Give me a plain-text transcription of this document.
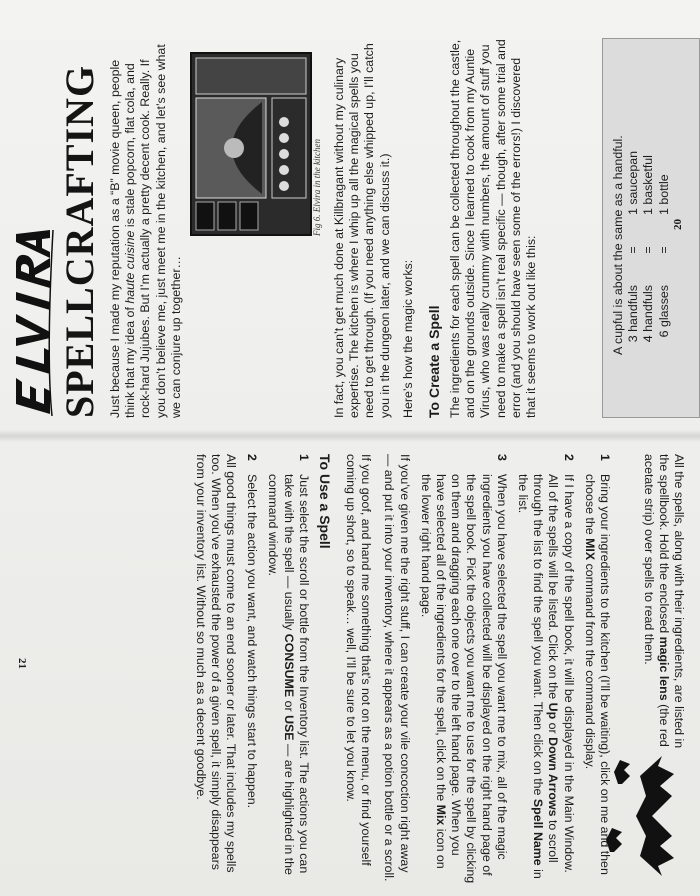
SPELLCRAFTING Just because I made my reputation as a “B” movie queen, people think that my idea of haute cuisine is stale popcorn, flat cola, and rock-hard Jujubes. But I’m actually a pretty decent cook. Really. If you don’t believe me, just meet me in the kitchen, and let’s see what we can conjure up together…

Fig 6. Elvira in the kitchen In fact, you can’t get much done at Killbragant without my culinary expertise. The kitchen is where I whip up all the magical spells you need to get through. (If you need anything else whipped up, I’ll catch you in the dungeon later, and we can discuss it.) Here’s how the magic works: To Create a Spell The ingredients for each spell can be collected throughout the castle, and on the grounds outside. Since I learned to cook from my Auntie Virus, who was really crummy with numbers, the amount of stuff you need to make a spell isn’t real specific — though, after some trial and error (and you should have seen some of the errors!) I discovered that it seems to work out like this:	A cupful is about the same as a handful. 3 handfuls
=
1 saucepan
4 handfuls
=
1 basketful
6 glasses
=
1 bottle
20

All the spells, along with their ingredients, are listed in the spellbook. Hold the enclosed magic lens (the red acetate strip) over spells to read them.

1
Bring your ingredients to the kitchen (I’ll be waiting), click on me and then choose the MIX command from the command display.
2
If I have a copy of the spell book, it will be displayed in the Main Window. All of the spells will be listed. Click on the Up or Down Arrows to scroll through the list to find the spell you want. Then click on the Spell Name in the list.
3
When you have selected the spell you want me to mix, all of the magic ingredients you have collected will be displayed on the right hand page of the spell book. Pick the objects you want me to use for the spell by clicking on them and dragging each one over to the left hand page. When you have selected all of the ingredients for the spell, click on the Mix icon on the lower right hand page.

If you’ve given me the right stuff, I can create your vile concoction right away — and put it into your inventory, where it appears as a potion bottle or a scroll.

If you goof, and hand me something that’s not on the menu, or find yourself coming up short, so to speak… well, I’ll be sure to let you know.

To Use a Spell
1
Just select the scroll or bottle from the Inventory list. The actions you can take with the spell — usually CONSUME or USE — are highlighted in the command window.
2
Select the action you want, and watch things start to happen.

All good things must come to an end sooner or later. That includes my spells too. When you’ve exhausted the power of a given spell, it simply disappears from your inventory list. Without so much as a decent goodbye.

21
